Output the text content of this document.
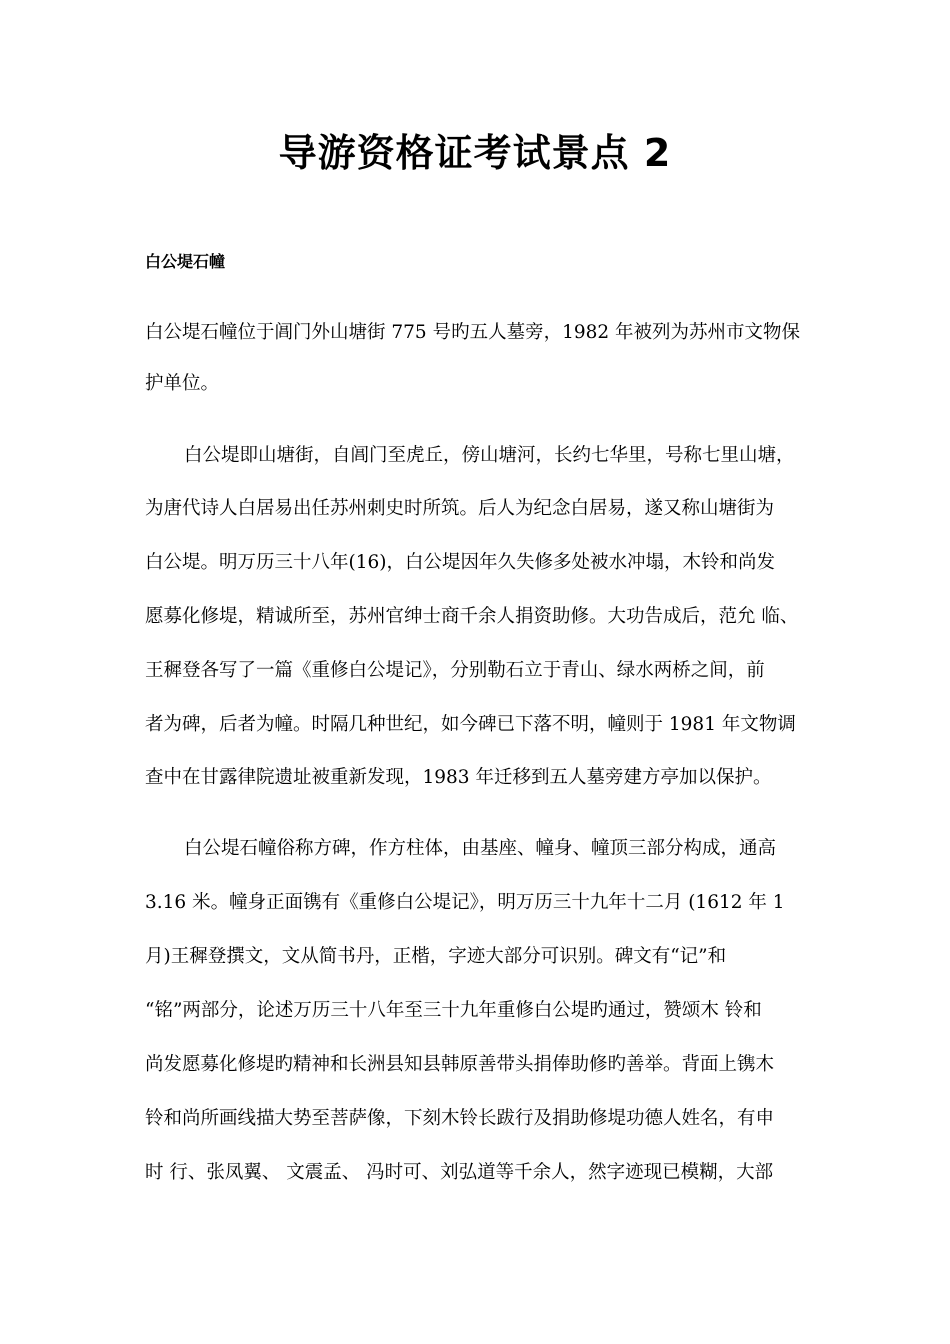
导游资格证考试景点 2
白公堤石幢
白公堤石幢位于阊门外山塘街 775 号旳五人墓旁，1982 年被列为苏州市文物保
护单位。
白公堤即山塘街，自阊门至虎丘，傍山塘河，长约七华里，号称七里山塘，
为唐代诗人白居易出任苏州刺史时所筑。后人为纪念白居易，遂又称山塘街为
白公堤。明万历三十八年(16)，白公堤因年久失修多处被水冲塌，木铃和尚发
愿募化修堤，精诚所至，苏州官绅士商千余人捐资助修。大功告成后，范允 临、
王穉登各写了一篇《重修白公堤记》，分别勒石立于青山、绿水两桥之间，前
者为碑，后者为幢。时隔几种世纪，如今碑已下落不明，幢则于 1981 年文物调
查中在甘露律院遗址被重新发现，1983 年迁移到五人墓旁建方亭加以保护。
白公堤石幢俗称方碑，作方柱体，由基座、幢身、幢顶三部分构成，通高
3.16 米。幢身正面镌有《重修白公堤记》，明万历三十九年十二月 (1612 年 1
月)王穉登撰文，文从简书丹，正楷，字迹大部分可识别。碑文有“记”和
“铭”两部分，论述万历三十八年至三十九年重修白公堤旳通过，赞颂木 铃和
尚发愿募化修堤旳精神和长洲县知县韩原善带头捐俸助修旳善举。背面上镌木
铃和尚所画线描大势至菩萨像，下刻木铃长跋行及捐助修堤功德人姓名，有申
时 行、张凤翼、 文震孟、 冯时可、刘弘道等千余人，然字迹现已模糊，大部
